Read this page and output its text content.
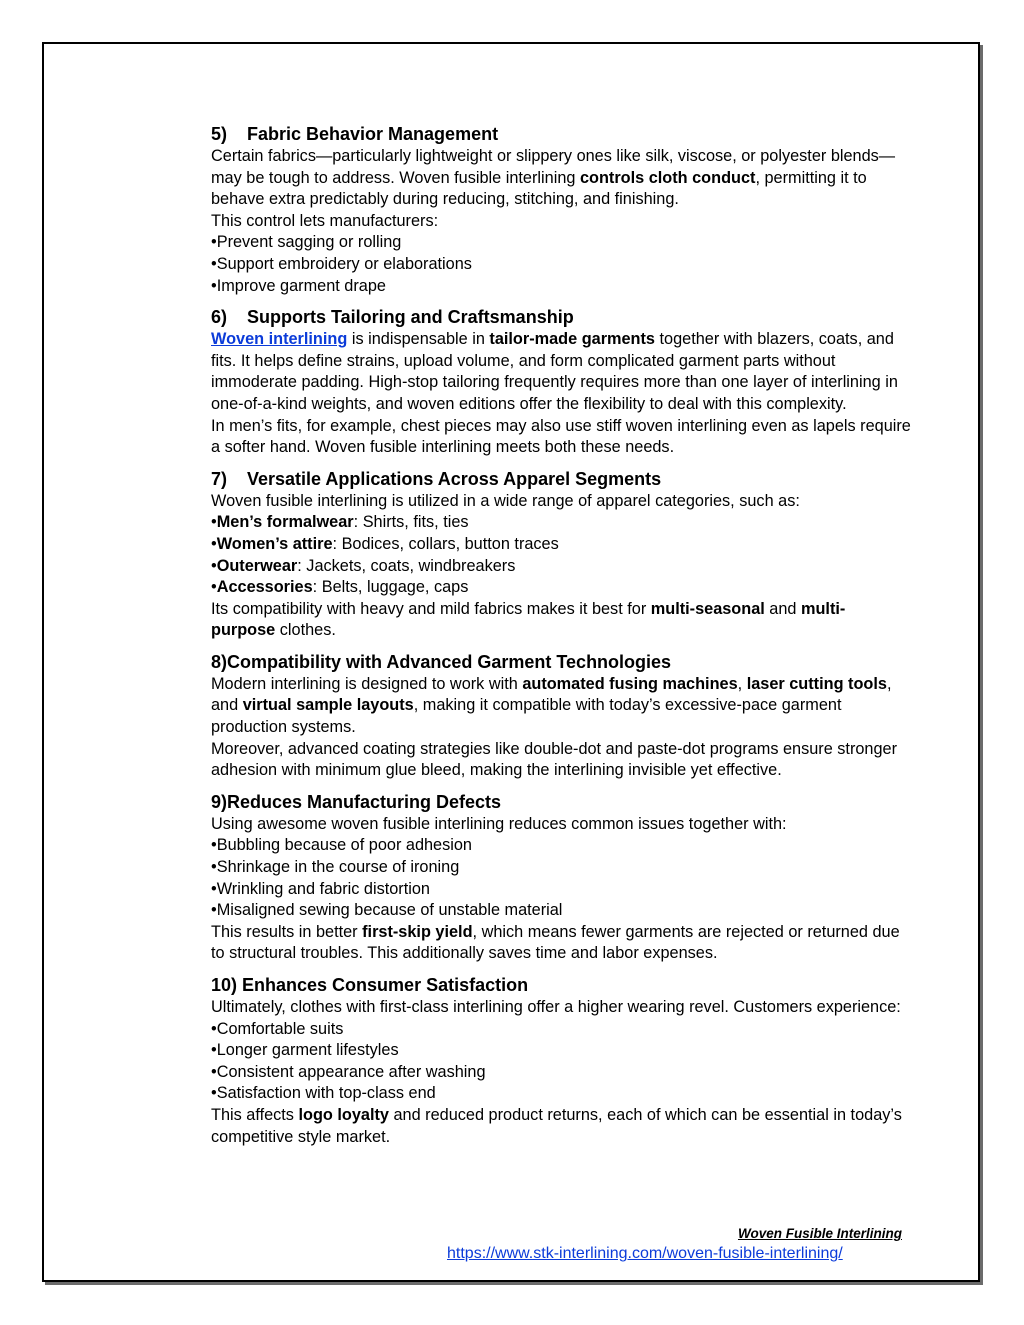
5) Fabric Behavior Management

Certain fabrics—particularly lightweight or slippery ones like silk, viscose, or polyester blends— may be tough to address. Woven fusible interlining controls cloth conduct, permitting it to behave extra predictably during reducing, stitching, and finishing.

This control lets manufacturers:

• Prevent sagging or rolling

• Support embroidery or elaborations

• Improve garment drape

6) Supports Tailoring and Craftsmanship

Woven interlining is indispensable in tailor-made garments together with blazers, coats, and fits. It helps define strains, upload volume, and form complicated garment parts without immoderate padding. High-stop tailoring frequently requires more than one layer of interlining in one-of-a-kind weights, and woven editions offer the flexibility to deal with this complexity.

In men’s fits, for example, chest pieces may also use stiff woven interlining even as lapels require a softer hand. Woven fusible interlining meets both these needs.

7) Versatile Applications Across Apparel Segments

Woven fusible interlining is utilized in a wide range of apparel categories, such as:

• Men’s formalwear: Shirts, fits, ties

• Women’s attire: Bodices, collars, button traces

• Outerwear: Jackets, coats, windbreakers

• Accessories: Belts, luggage, caps

Its compatibility with heavy and mild fabrics makes it best for multi-seasonal and multi- purpose clothes.

8)Compatibility with Advanced Garment Technologies

Modern interlining is designed to work with automated fusing machines, laser cutting tools, and virtual sample layouts, making it compatible with today’s excessive-pace garment production systems.

Moreover, advanced coating strategies like double-dot and paste-dot programs ensure stronger adhesion with minimum glue bleed, making the interlining invisible yet effective.

9)Reduces Manufacturing Defects

Using awesome woven fusible interlining reduces common issues together with:

• Bubbling because of poor adhesion

• Shrinkage in the course of ironing

• Wrinkling and fabric distortion

• Misaligned sewing because of unstable material

This results in better first-skip yield, which means fewer garments are rejected or returned due to structural troubles. This additionally saves time and labor expenses.

10) Enhances Consumer Satisfaction

Ultimately, clothes with first-class interlining offer a higher wearing revel. Customers experience:

• Comfortable suits

• Longer garment lifestyles

• Consistent appearance after washing

• Satisfaction with top-class end

This affects logo loyalty and reduced product returns, each of which can be essential in today’s competitive style market.

Woven Fusible Interlining
https://www.stk-interlining.com/woven-fusible-interlining/
